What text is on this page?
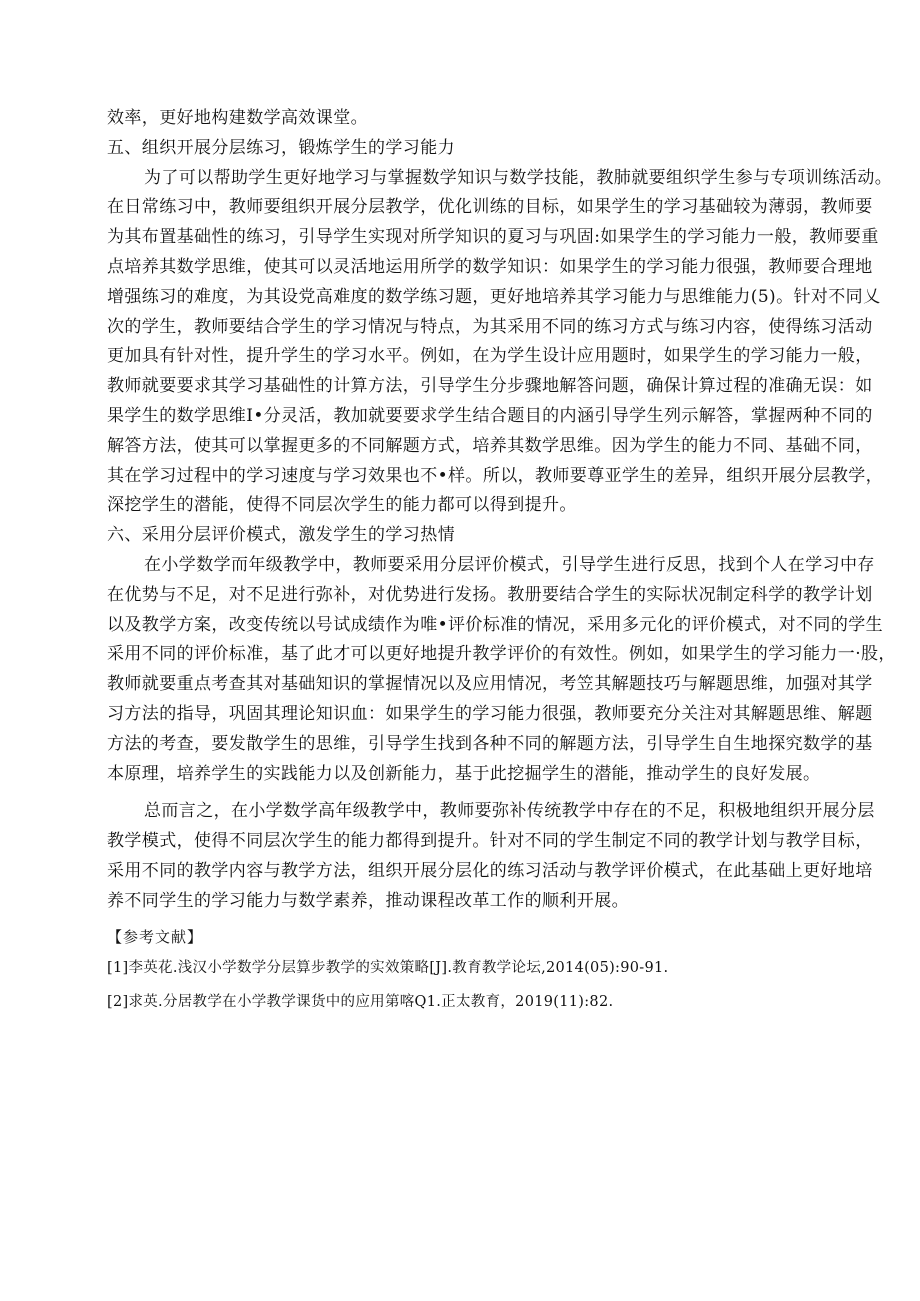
效率，更好地构建数学高效课堂。
五、组织开展分层练习，锻炼学生的学习能力
为了可以帮助学生更好地学习与掌握数学知识与数学技能，教肺就要组织学生参与专项训练活动。
在日常练习中，教师要组织开展分层教学，优化训练的目标，如果学生的学习基础较为薄弱，教师要
为其布置基础性的练习，引导学生实现对所学知识的夏习与巩固:如果学生的学习能力一般，教师要重
点培养其数学思维，使其可以灵活地运用所学的数学知识：如果学生的学习能力很强，教师要合理地
增强练习的难度，为其设党高难度的数学练习题，更好地培养其学习能力与思维能力(5)。针对不同乂
次的学生，教师要结合学生的学习情况与特点，为其采用不同的练习方式与练习内容，使得练习活动
更加具有针对性，提升学生的学习水平。例如，在为学生设计应用题时，如果学生的学习能力一般，
教师就要要求其学习基础性的计算方法，引导学生分步骤地解答问题，确保计算过程的准确无误：如
果学生的数学思维I•分灵活，教加就要要求学生结合题目的内涵引导学生列示解答，掌握两种不同的
解答方法，使其可以掌握更多的不同解题方式，培养其数学思维。因为学生的能力不同、基础不同，
其在学习过程中的学习速度与学习效果也不•样。所以，教师要尊亚学生的差异，组织开展分层教学，
深挖学生的潜能，使得不同层次学生的能力都可以得到提升。
六、采用分层评价模式，激发学生的学习热情
在小学数学而年级教学中，教师要采用分层评价模式，引导学生进行反思，找到个人在学习中存
在优势与不足，对不足进行弥补，对优势进行发扬。教册要结合学生的实际状况制定科学的教学计划
以及教学方案，改变传统以号试成绩作为唯•评价标准的情况，采用多元化的评价模式，对不同的学生
采用不同的评价标准，基了此才可以更好地提升教学评价的有效性。例如，如果学生的学习能力一·股，
教师就要重点考查其对基础知识的掌握情况以及应用情况，考笠其解题技巧与解题思维，加强对其学
习方法的指导，巩固其理论知识血：如果学生的学习能力很强，教师要充分关注对其解题思维、解题
方法的考查，要发散学生的思维，引导学生找到各种不同的解题方法，引导学生自生地探究数学的基
本原理，培养学生的实践能力以及创新能力，基于此挖掘学生的潜能，推动学生的良好发展。
总而言之，在小学数学高年级教学中，教师要弥补传统教学中存在的不足，积极地组织开展分层
教学模式，使得不同层次学生的能力都得到提升。针对不同的学生制定不同的教学计划与教学目标，
采用不同的教学内容与教学方法，组织开展分层化的练习活动与教学评价模式，在此基础上更好地培
养不同学生的学习能力与数学素养，推动课程改革工作的顺利开展。
【参考文献】
[1]李英花.浅汉小学数学分层算步教学的实效策略[J].教育教学论坛,2014(05):90-91.
[2]求英.分居教学在小学教学课货中的应用第喀Q1.正太教育，2019(11):82.
